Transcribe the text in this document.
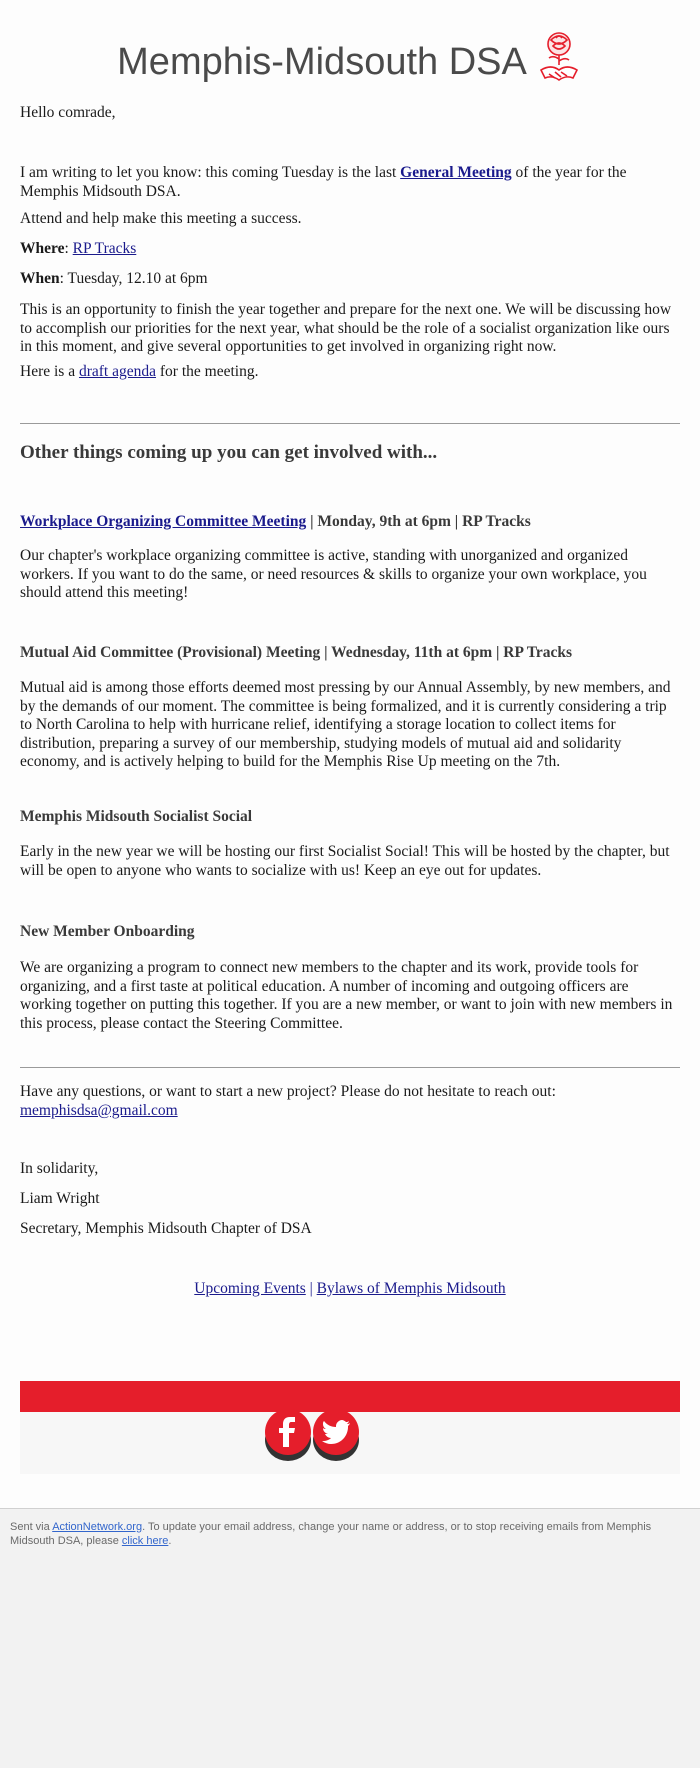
Memphis-Midsouth DSA
Hello comrade,
I am writing to let you know: this coming Tuesday is the last General Meeting of the year for the Memphis Midsouth DSA.
Attend and help make this meeting a success.
Where: RP Tracks
When: Tuesday, 12.10 at 6pm
This is an opportunity to finish the year together and prepare for the next one. We will be discussing how to accomplish our priorities for the next year, what should be the role of a socialist organization like ours in this moment, and give several opportunities to get involved in organizing right now.
Here is a draft agenda for the meeting.
Other things coming up you can get involved with...
Workplace Organizing Committee Meeting | Monday, 9th at 6pm | RP Tracks
Our chapter's workplace organizing committee is active, standing with unorganized and organized workers. If you want to do the same, or need resources & skills to organize your own workplace, you should attend this meeting!
Mutual Aid Committee (Provisional) Meeting | Wednesday, 11th at 6pm | RP Tracks
Mutual aid is among those efforts deemed most pressing by our Annual Assembly, by new members, and by the demands of our moment. The committee is being formalized, and it is currently considering a trip to North Carolina to help with hurricane relief, identifying a storage location to collect items for distribution, preparing a survey of our membership, studying models of mutual aid and solidarity economy, and is actively helping to build for the Memphis Rise Up meeting on the 7th.
Memphis Midsouth Socialist Social
Early in the new year we will be hosting our first Socialist Social! This will be hosted by the chapter, but will be open to anyone who wants to socialize with us! Keep an eye out for updates.
New Member Onboarding
We are organizing a program to connect new members to the chapter and its work, provide tools for organizing, and a first taste at political education. A number of incoming and outgoing officers are working together on putting this together. If you are a new member, or want to join with new members in this process, please contact the Steering Committee.
Have any questions, or want to start a new project? Please do not hesitate to reach out:
memphisdsa@gmail.com
In solidarity,
Liam Wright
Secretary, Memphis Midsouth Chapter of DSA
Upcoming Events | Bylaws of Memphis Midsouth
Sent via ActionNetwork.org. To update your email address, change your name or address, or to stop receiving emails from Memphis Midsouth DSA, please click here.
